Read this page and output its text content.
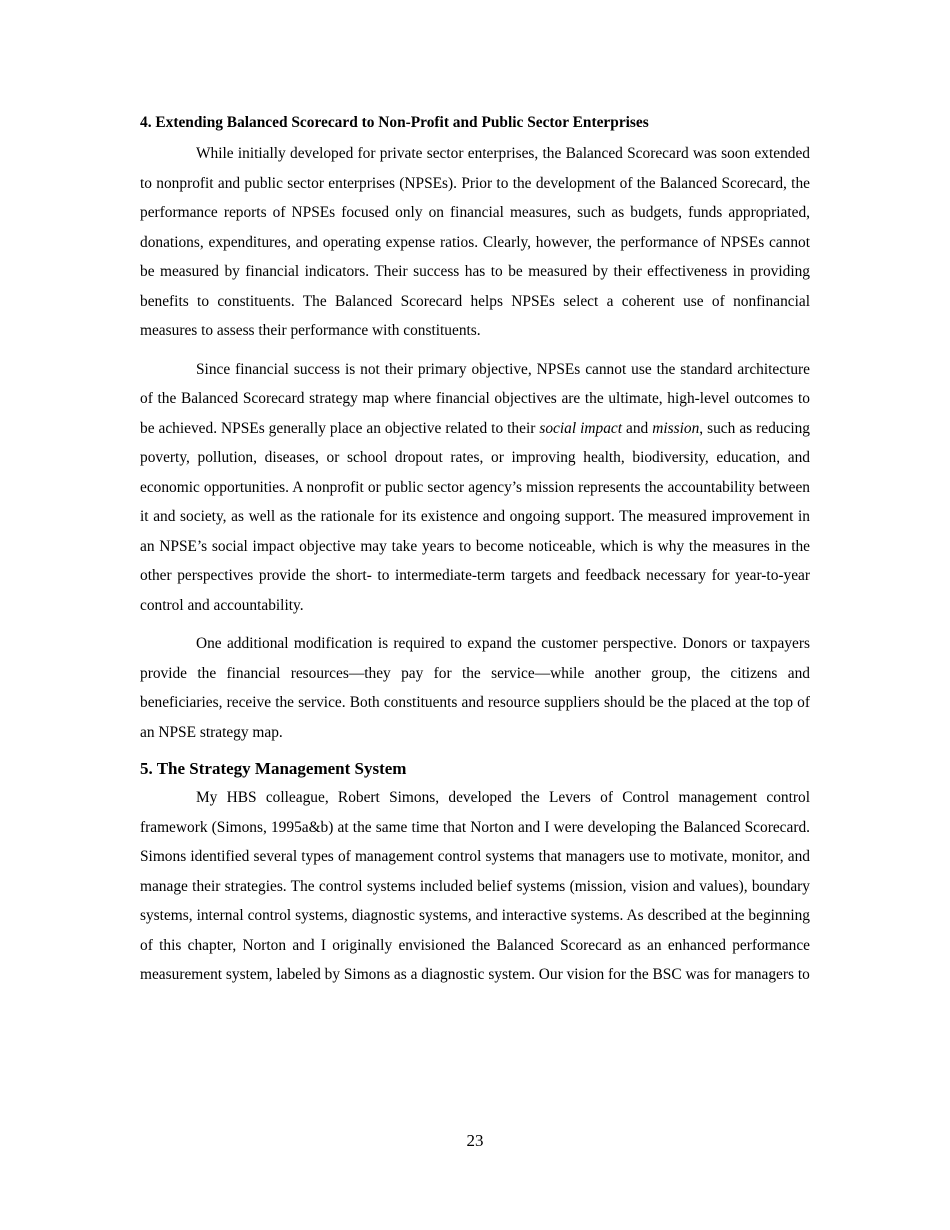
4. Extending Balanced Scorecard to Non-Profit and Public Sector Enterprises

While initially developed for private sector enterprises, the Balanced Scorecard was soon extended to nonprofit and public sector enterprises (NPSEs). Prior to the development of the Balanced Scorecard, the performance reports of NPSEs focused only on financial measures, such as budgets, funds appropriated, donations, expenditures, and operating expense ratios. Clearly, however, the performance of NPSEs cannot be measured by financial indicators. Their success has to be measured by their effectiveness in providing benefits to constituents. The Balanced Scorecard helps NPSEs select a coherent use of nonfinancial measures to assess their performance with constituents.

Since financial success is not their primary objective, NPSEs cannot use the standard architecture of the Balanced Scorecard strategy map where financial objectives are the ultimate, high-level outcomes to be achieved. NPSEs generally place an objective related to their social impact and mission, such as reducing poverty, pollution, diseases, or school dropout rates, or improving health, biodiversity, education, and economic opportunities. A nonprofit or public sector agency’s mission represents the accountability between it and society, as well as the rationale for its existence and ongoing support. The measured improvement in an NPSE’s social impact objective may take years to become noticeable, which is why the measures in the other perspectives provide the short- to intermediate-term targets and feedback necessary for year-to-year control and accountability.

One additional modification is required to expand the customer perspective. Donors or taxpayers provide the financial resources—they pay for the service—while another group, the citizens and beneficiaries, receive the service. Both constituents and resource suppliers should be the placed at the top of an NPSE strategy map.

5. The Strategy Management System

My HBS colleague, Robert Simons, developed the Levers of Control management control framework (Simons, 1995a&b) at the same time that Norton and I were developing the Balanced Scorecard. Simons identified several types of management control systems that managers use to motivate, monitor, and manage their strategies. The control systems included belief systems (mission, vision and values), boundary systems, internal control systems, diagnostic systems, and interactive systems. As described at the beginning of this chapter, Norton and I originally envisioned the Balanced Scorecard as an enhanced performance measurement system, labeled by Simons as a diagnostic system. Our vision for the BSC was for managers to

23
